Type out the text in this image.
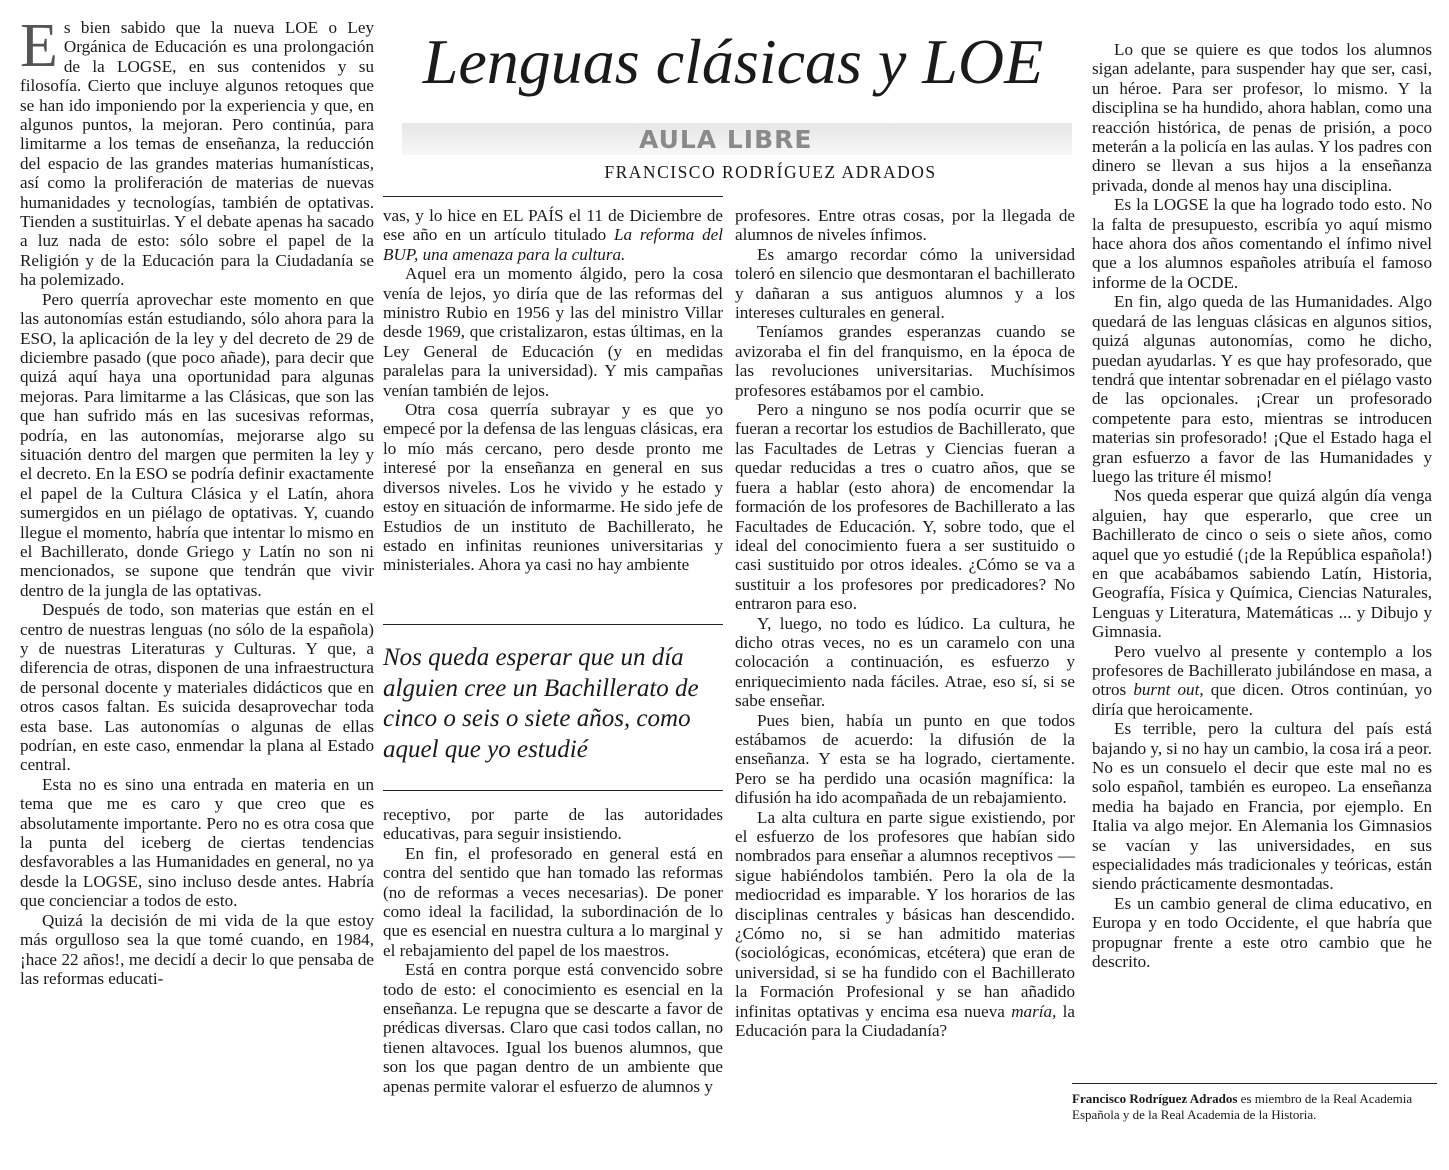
Lenguas clásicas y LOE
AULA LIBRE
FRANCISCO RODRÍGUEZ ADRADOS

Es bien sabido que la nueva LOE o Ley Orgánica de Educación es una prolongación de la LOGSE, en sus contenidos y su filosofía. Cierto que incluye algunos retoques que se han ido imponiendo por la experiencia y que, en algunos puntos, la mejoran. Pero continúa, para limitarme a los temas de enseñanza, la reducción del espacio de las grandes materias humanísticas, así como la proliferación de materias de nuevas humanidades y tecnologías, también de optativas. Tienden a sustituirlas. Y el debate apenas ha sacado a luz nada de esto: sólo sobre el papel de la Religión y de la Educación para la Ciudadanía se ha polemizado.

Pero querría aprovechar este momento en que las autonomías están estudiando, sólo ahora para la ESO, la aplicación de la ley y del decreto de 29 de diciembre pasado (que poco añade), para decir que quizá aquí haya una oportunidad para algunas mejoras. Para limitarme a las Clásicas, que son las que han sufrido más en las sucesivas reformas, podría, en las autonomías, mejorarse algo su situación dentro del margen que permiten la ley y el decreto. En la ESO se podría definir exactamente el papel de la Cultura Clásica y el Latín, ahora sumergidos en un piélago de optativas. Y, cuando llegue el momento, habría que intentar lo mismo en el Bachillerato, donde Griego y Latín no son ni mencionados, se supone que tendrán que vivir dentro de la jungla de las optativas.

Después de todo, son materias que están en el centro de nuestras lenguas (no sólo de la española) y de nuestras Literaturas y Culturas. Y que, a diferencia de otras, disponen de una infraestructura de personal docente y materiales didácticos que en otros casos faltan. Es suicida desaprovechar toda esta base. Las autonomías o algunas de ellas podrían, en este caso, enmendar la plana al Estado central.

Esta no es sino una entrada en materia en un tema que me es caro y que creo que es absolutamente importante. Pero no es otra cosa que la punta del iceberg de ciertas tendencias desfavorables a las Humanidades en general, no ya desde la LOGSE, sino incluso desde antes. Habría que concienciar a todos de esto.

Quizá la decisión de mi vida de la que estoy más orgulloso sea la que tomé cuando, en 1984, ¡hace 22 años!, me decidí a decir lo que pensaba de las reformas educati-

vas, y lo hice en EL PAÍS el 11 de Diciembre de ese año en un artículo titulado La reforma del BUP, una amenaza para la cultura.

Aquel era un momento álgido, pero la cosa venía de lejos, yo diría que de las reformas del ministro Rubio en 1956 y las del ministro Villar desde 1969, que cristalizaron, estas últimas, en la Ley General de Educación (y en medidas paralelas para la universidad). Y mis campañas venían también de lejos.

Otra cosa querría subrayar y es que yo empecé por la defensa de las lenguas clásicas, era lo mío más cercano, pero desde pronto me interesé por la enseñanza en general en sus diversos niveles. Los he vivido y he estado y estoy en situación de informarme. He sido jefe de Estudios de un instituto de Bachillerato, he estado en infinitas reuniones universitarias y ministeriales. Ahora ya casi no hay ambiente

Nos queda esperar que un día alguien cree un Bachillerato de cinco o seis o siete años, como aquel que yo estudié

receptivo, por parte de las autoridades educativas, para seguir insistiendo.

En fin, el profesorado en general está en contra del sentido que han tomado las reformas (no de reformas a veces necesarias). De poner como ideal la facilidad, la subordinación de lo que es esencial en nuestra cultura a lo marginal y el rebajamiento del papel de los maestros.

Está en contra porque está convencido sobre todo de esto: el conocimiento es esencial en la enseñanza. Le repugna que se descarte a favor de prédicas diversas. Claro que casi todos callan, no tienen altavoces. Igual los buenos alumnos, que son los que pagan dentro de un ambiente que apenas permite valorar el esfuerzo de alumnos y

profesores. Entre otras cosas, por la llegada de alumnos de niveles ínfimos.

Es amargo recordar cómo la universidad toleró en silencio que desmontaran el bachillerato y dañaran a sus antiguos alumnos y a los intereses culturales en general.

Teníamos grandes esperanzas cuando se avizoraba el fin del franquismo, en la época de las revoluciones universitarias. Muchísimos profesores estábamos por el cambio.

Pero a ninguno se nos podía ocurrir que se fueran a recortar los estudios de Bachillerato, que las Facultades de Letras y Ciencias fueran a quedar reducidas a tres o cuatro años, que se fuera a hablar (esto ahora) de encomendar la formación de los profesores de Bachillerato a las Facultades de Educación. Y, sobre todo, que el ideal del conocimiento fuera a ser sustituido o casi sustituido por otros ideales. ¿Cómo se va a sustituir a los profesores por predicadores? No entraron para eso.

Y, luego, no todo es lúdico. La cultura, he dicho otras veces, no es un caramelo con una colocación a continuación, es esfuerzo y enriquecimiento nada fáciles. Atrae, eso sí, si se sabe enseñar.

Pues bien, había un punto en que todos estábamos de acuerdo: la difusión de la enseñanza. Y esta se ha logrado, ciertamente. Pero se ha perdido una ocasión magnífica: la difusión ha ido acompañada de un rebajamiento.

La alta cultura en parte sigue existiendo, por el esfuerzo de los profesores que habían sido nombrados para enseñar a alumnos receptivos —sigue habiéndolos también. Pero la ola de la mediocridad es imparable. Y los horarios de las disciplinas centrales y básicas han descendido. ¿Cómo no, si se han admitido materias (sociológicas, económicas, etcétera) que eran de universidad, si se ha fundido con el Bachillerato la Formación Profesional y se han añadido infinitas optativas y encima esa nueva maría, la Educación para la Ciudadanía?

Lo que se quiere es que todos los alumnos sigan adelante, para suspender hay que ser, casi, un héroe. Para ser profesor, lo mismo. Y la disciplina se ha hundido, ahora hablan, como una reacción histórica, de penas de prisión, a poco meterán a la policía en las aulas. Y los padres con dinero se llevan a sus hijos a la enseñanza privada, donde al menos hay una disciplina.

Es la LOGSE la que ha logrado todo esto. No la falta de presupuesto, escribía yo aquí mismo hace ahora dos años comentando el ínfimo nivel que a los alumnos españoles atribuía el famoso informe de la OCDE.

En fin, algo queda de las Humanidades. Algo quedará de las lenguas clásicas en algunos sitios, quizá algunas autonomías, como he dicho, puedan ayudarlas. Y es que hay profesorado, que tendrá que intentar sobrenadar en el piélago vasto de las opcionales. ¡Crear un profesorado competente para esto, mientras se introducen materias sin profesorado! ¡Que el Estado haga el gran esfuerzo a favor de las Humanidades y luego las triture él mismo!

Nos queda esperar que quizá algún día venga alguien, hay que esperarlo, que cree un Bachillerato de cinco o seis o siete años, como aquel que yo estudié (¡de la República española!) en que acabábamos sabiendo Latín, Historia, Geografía, Física y Química, Ciencias Naturales, Lenguas y Literatura, Matemáticas ... y Dibujo y Gimnasia.

Pero vuelvo al presente y contemplo a los profesores de Bachillerato jubilándose en masa, a otros burnt out, que dicen. Otros continúan, yo diría que heroicamente.

Es terrible, pero la cultura del país está bajando y, si no hay un cambio, la cosa irá a peor. No es un consuelo el decir que este mal no es solo español, también es europeo. La enseñanza media ha bajado en Francia, por ejemplo. En Italia va algo mejor. En Alemania los Gimnasios se vacían y las universidades, en sus especialidades más tradicionales y teóricas, están siendo prácticamente desmontadas.

Es un cambio general de clima educativo, en Europa y en todo Occidente, el que habría que propugnar frente a este otro cambio que he descrito.

Francisco Rodríguez Adrados es miembro de la Real Academia Española y de la Real Academia de la Historia.
